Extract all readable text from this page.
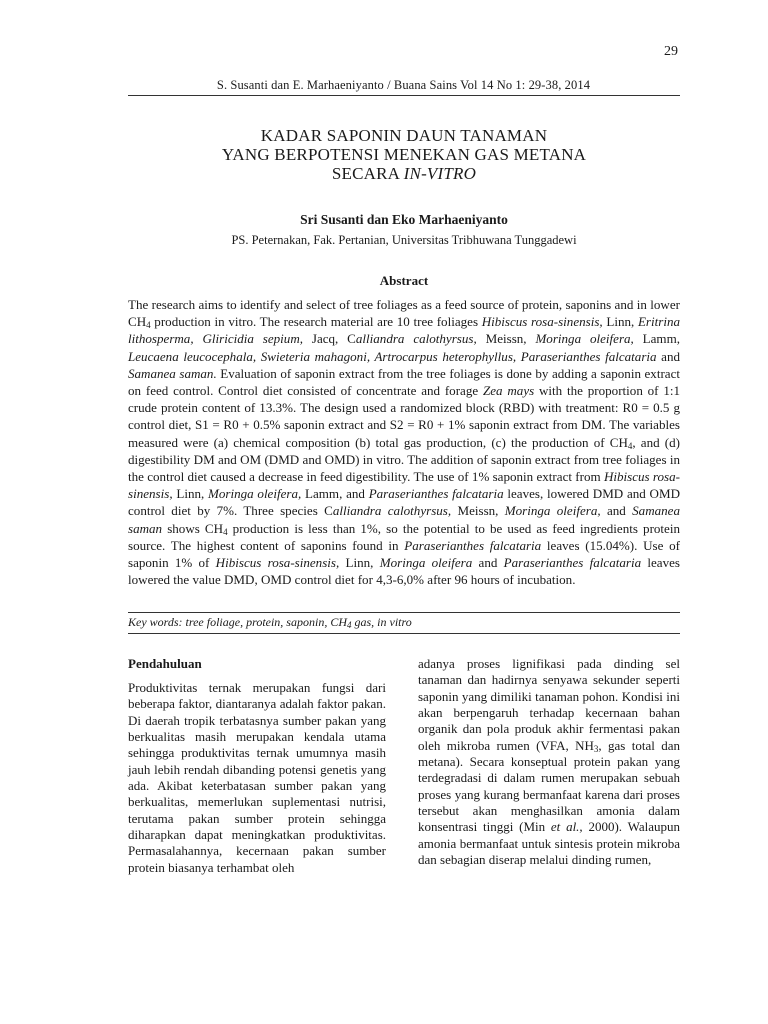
29
S. Susanti dan E. Marhaeniyanto / Buana Sains Vol 14 No 1: 29-38, 2014
KADAR SAPONIN DAUN TANAMAN
YANG BERPOTENSI MENEKAN GAS METANA
SECARA IN-VITRO
Sri Susanti dan Eko Marhaeniyanto
PS. Peternakan, Fak. Pertanian, Universitas Tribhuwana Tunggadewi
Abstract
The research aims to identify and select of tree foliages as a feed source of protein, saponins and in lower $CH_4$ production in vitro. The research material are 10 tree foliages Hibiscus rosa-sinensis, Linn, Eritrina lithosperma, Gliricidia sepium, Jacq, Calliandra calothyrsus, Meissn, Moringa oleifera, Lamm, Leucaena leucocephala, Swieteria mahagoni, Artrocarpus heterophyllus, Paraserianthes falcataria and Samanea saman. Evaluation of saponin extract from the tree foliages is done by adding a saponin extract on feed control. Control diet consisted of concentrate and forage Zea mays with the proportion of 1:1 crude protein content of 13.3%. The design used a randomized block (RBD) with treatment: R0 = 0.5 g control diet, S1 = R0 + 0.5% saponin extract and S2 = R0 + 1% saponin extract from DM. The variables measured were (a) chemical composition (b) total gas production, (c) the production of $CH_4$, and (d) digestibility DM and OM (DMD and OMD) in vitro. The addition of saponin extract from tree foliages in the control diet caused a decrease in feed digestibility. The use of 1% saponin extract from Hibiscus rosa-sinensis, Linn, Moringa oleifera, Lamm, and Paraserianthes falcataria leaves, lowered DMD and OMD control diet by 7%. Three species Calliandra calothyrsus, Meissn, Moringa oleifera, and Samanea saman shows $CH_4$ production is less than 1%, so the potential to be used as feed ingredients protein source. The highest content of saponins found in Paraserianthes falcataria leaves (15.04%). Use of saponin 1% of Hibiscus rosa-sinensis, Linn, Moringa oleifera and Paraserianthes falcataria leaves lowered the value DMD, OMD control diet for 4,3-6,0% after 96 hours of incubation.
Key words: tree foliage, protein, saponin, $CH_4$ gas, in vitro
Pendahuluan
Produktivitas ternak merupakan fungsi dari beberapa faktor, diantaranya adalah faktor pakan. Di daerah tropik terbatasnya sumber pakan yang berkualitas masih merupakan kendala utama sehingga produktivitas ternak umumnya masih jauh lebih rendah dibanding potensi genetis yang ada. Akibat keterbatasan sumber pakan yang berkualitas, memerlukan suplementasi nutrisi, terutama pakan sumber protein sehingga diharapkan dapat meningkatkan produktivitas. Permasalahannya, kecernaan pakan sumber protein biasanya terhambat oleh
adanya proses lignifikasi pada dinding sel tanaman dan hadirnya senyawa sekunder seperti saponin yang dimiliki tanaman pohon. Kondisi ini akan berpengaruh terhadap kecernaan bahan organik dan pola produk akhir fermentasi pakan oleh mikroba rumen (VFA, $NH_3$, gas total dan metana). Secara konseptual protein pakan yang terdegradasi di dalam rumen merupakan sebuah proses yang kurang bermanfaat karena dari proses tersebut akan menghasilkan amonia dalam konsentrasi tinggi (Min et al., 2000). Walaupun amonia bermanfaat untuk sintesis protein mikroba dan sebagian diserap melalui dinding rumen,
